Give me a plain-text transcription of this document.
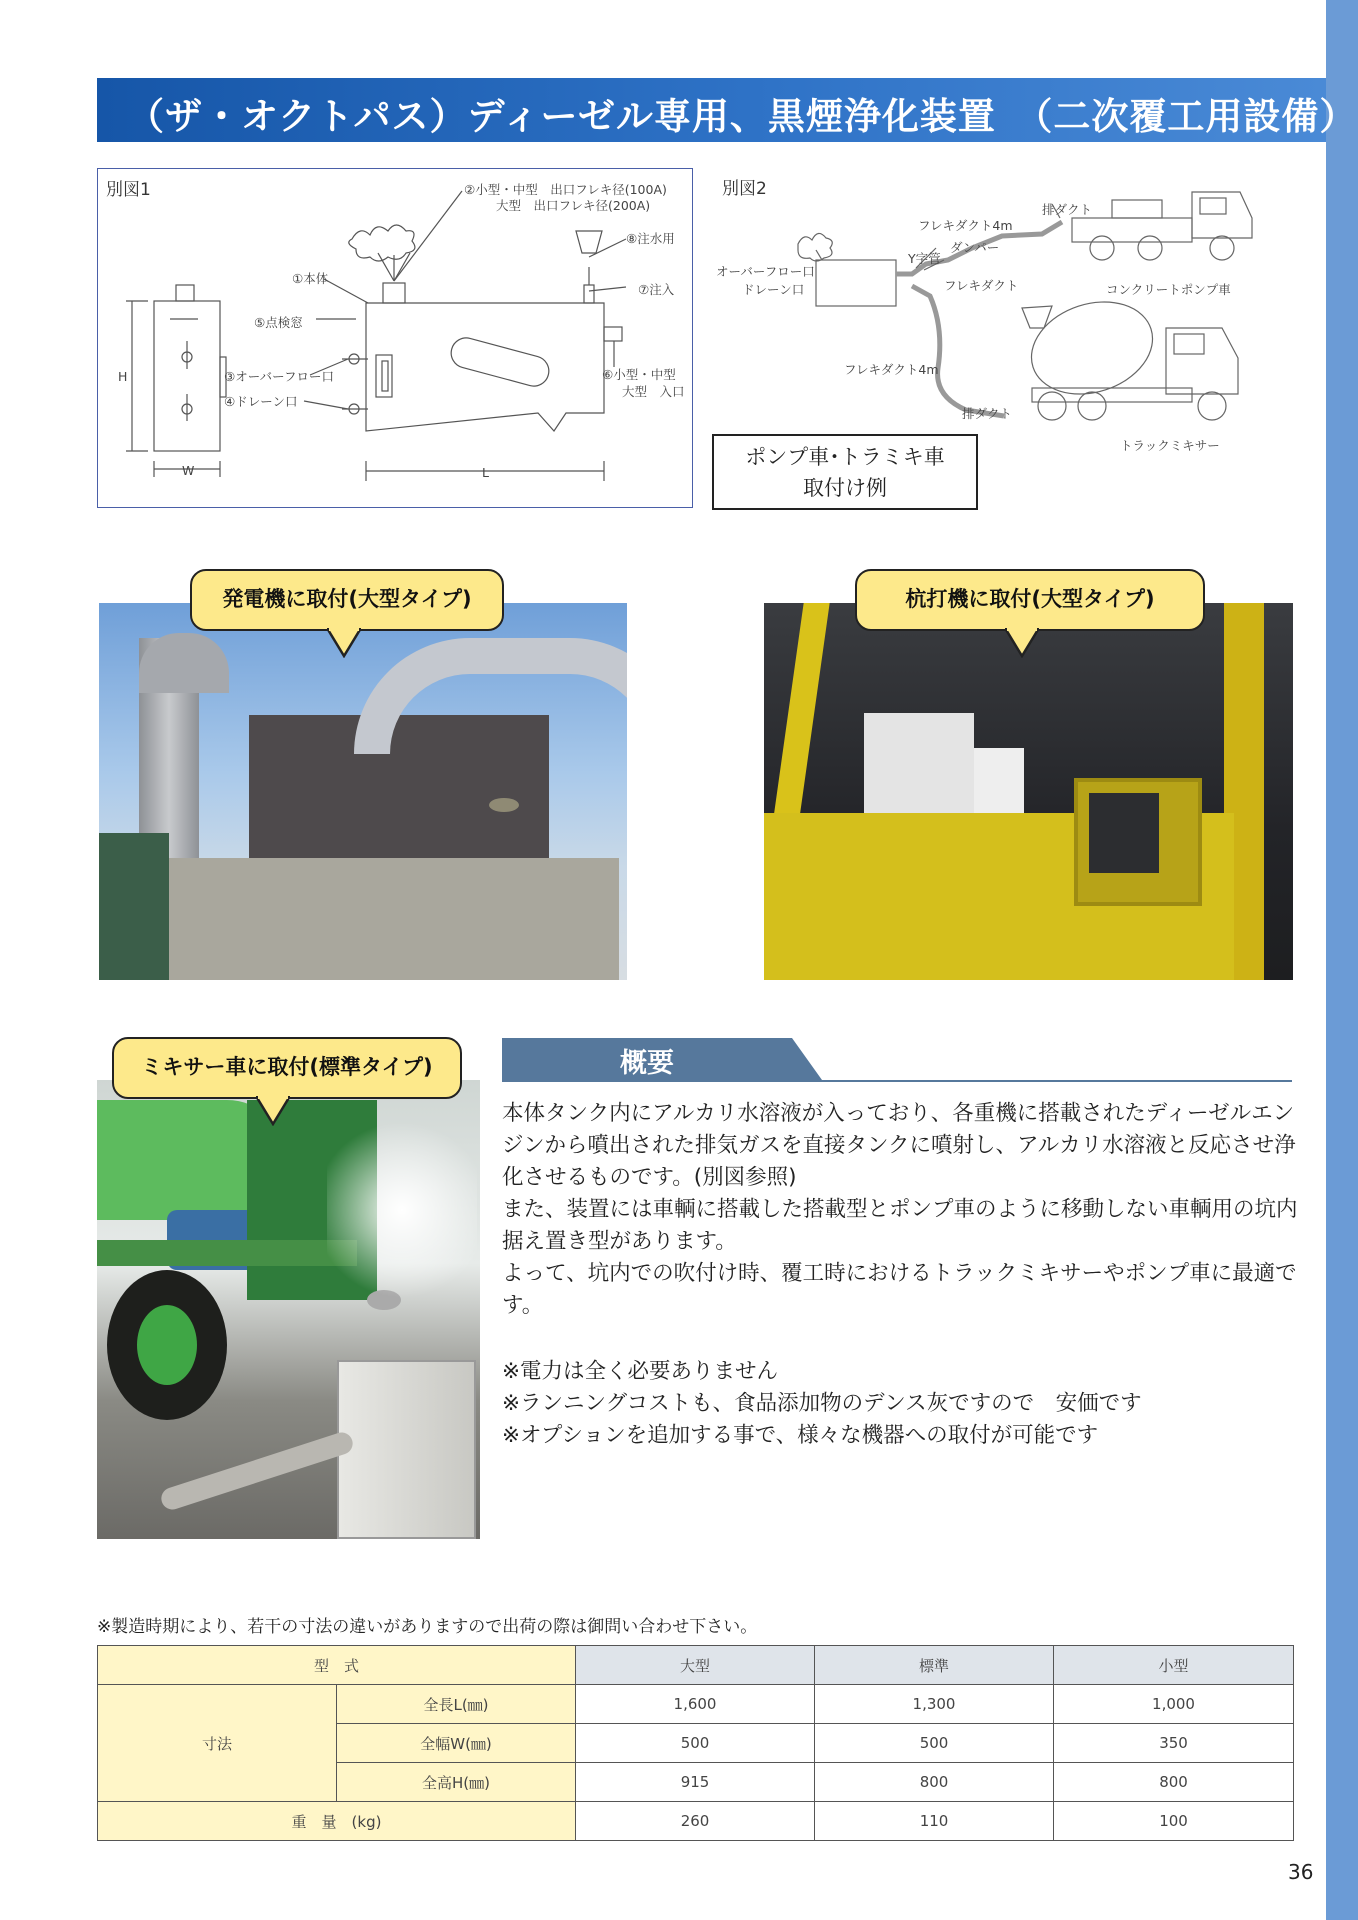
（ザ・オクトパス）ディーゼル専用、黒煙浄化装置　（二次覆工用設備）
別図1	②小型・中型　出口フレキ径(100A)
大型　出口フレキ径(200A)
⑧注水用
①本体
⑦注入
⑤点検窓
③オーバーフロー口
④ドレーン口
⑥小型・中型
大型　入口
H
W	L
別図2
フレキダクト4m
Y字管
ダンパー
排ダクト
オーバーフロー口
ドレーン口	フレキダクト	コンクリートポンプ車
フレキダクト4m
排ダクト
トラックミキサー
ポンプ車･トラミキ車
取付け例
発電機に取付(大型タイプ)	杭打機に取付(大型タイプ)
ミキサー車に取付(標準タイプ)	概要

本体タンク内にアルカリ水溶液が入っており、各重機に搭載されたディーゼルエンジンから噴出された排気ガスを直接タンクに噴射し、アルカリ水溶液と反応させ浄化させるものです。(別図参照)

また、装置には車輌に搭載した搭載型とポンプ車のように移動しない車輌用の坑内据え置き型があります。

よって、坑内での吹付け時、覆工時におけるトラックミキサーやポンプ車に最適です。

※電力は全く必要ありません

※ランニングコストも、食品添加物のデンス灰ですので　安価です

※オプションを追加する事で、様々な機器への取付が可能です

※製造時期により、若干の寸法の違いがありますので出荷の際は御問い合わせ下さい。
型　式		大型	標準	小型
寸法	全長L(㎜)	1,600	1,300	1,000
	全幅W(㎜)	500	500	350
	全高H(㎜)	915	800	800
重　量　(kg)		260	110	100
36
